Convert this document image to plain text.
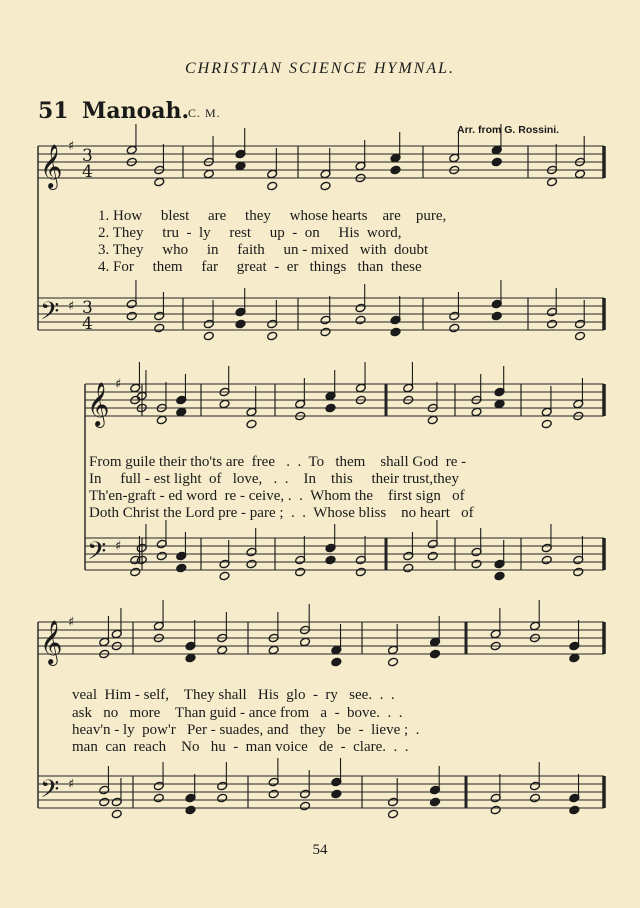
CHRISTIAN SCIENCE HYMNAL.
51 Manoah.
C. M.
Arr. from G. Rossini.
𝄞
𝄢
♯
♯
3
4
3
4
𝄞
𝄢
♯
♯
𝄞
𝄢
♯
♯
1. How     blest     are     they     whose hearts    are    pure,
2. They     tru  -  ly     rest     up  -  on     His  word,
3. They     who     in     faith     un - mixed   with  doubt
4. For     them     far     great  -  er   things   than  these
From guile their tho'ts are  free   .  .  To   them    shall God  re -
In     full - est light  of   love,   .  .    In    this     their trust,they
Th'en-graft - ed word  re - ceive, .  .  Whom the    first sign   of
Doth Christ the Lord pre - pare ;  .  .  Whose bliss    no heart   of
veal  Him - self,    They shall   His  glo  -  ry   see.  .  .
ask   no   more    Than guid - ance from   a  -  bove.  .  .
heav'n - ly  pow'r   Per - suades, and   they   be  -  lieve ;  .
man  can  reach    No   hu  -  man voice   de  -  clare.  .  .
54
